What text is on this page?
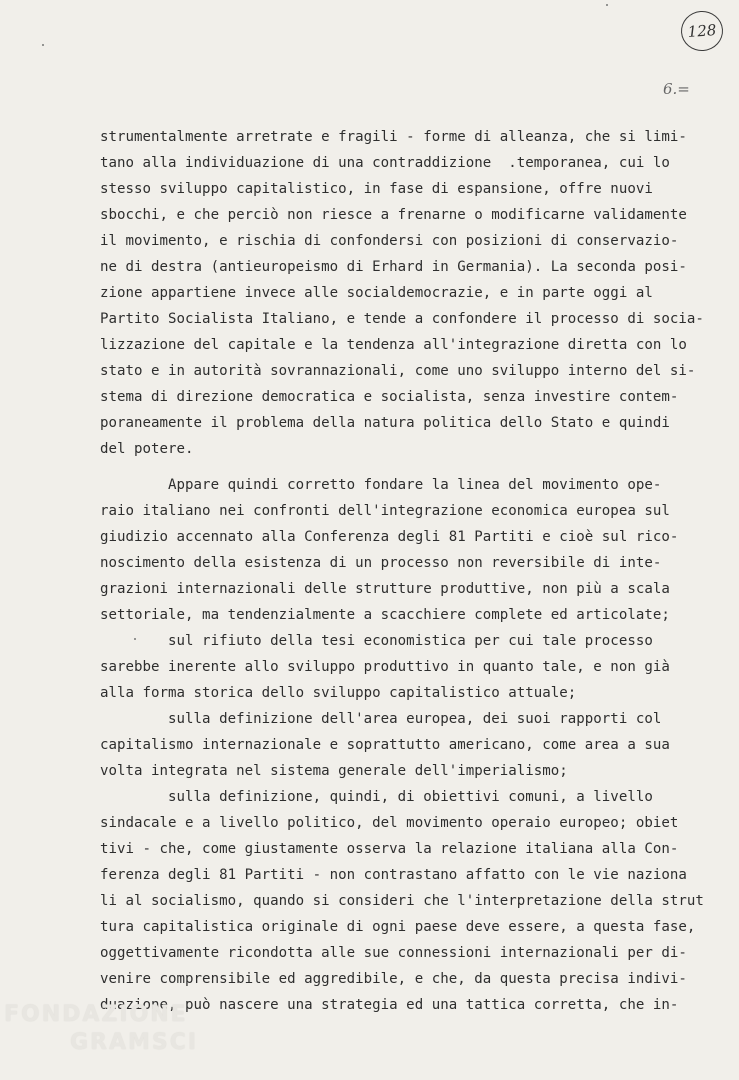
128
6.=
strumentalmente arretrate e fragili - forme di alleanza, che si limi-
tano alla individuazione di una contraddizione  .temporanea, cui lo
stesso sviluppo capitalistico, in fase di espansione, offre nuovi
sbocchi, e che perciò non riesce a frenarne o modificarne validamente
il movimento, e rischia di confondersi con posizioni di conservazio-
ne di destra (antieuropeismo di Erhard in Germania). La seconda posi-
zione appartiene invece alle socialdemocrazie, e in parte oggi al
Partito Socialista Italiano, e tende a confondere il processo di socia-
lizzazione del capitale e la tendenza all'integrazione diretta con lo
stato e in autorità sovrannazionali, come uno sviluppo interno del si-
stema di direzione democratica e socialista, senza investire contem-
poraneamente il problema della natura politica dello Stato e quindi
del potere.
Appare quindi corretto fondare la linea del movimento ope-
raio italiano nei confronti dell'integrazione economica europea sul
giudizio accennato alla Conferenza degli 81 Partiti e cioè sul rico-
noscimento della esistenza di un processo non reversibile di inte-
grazioni internazionali delle strutture produttive, non più a scala
settoriale, ma tendenzialmente a scacchiere complete ed articolate;
sul rifiuto della tesi economistica per cui tale processo
sarebbe inerente allo sviluppo produttivo in quanto tale, e non già
alla forma storica dello sviluppo capitalistico attuale;
sulla definizione dell'area europea, dei suoi rapporti col
capitalismo internazionale e soprattutto americano, come area a sua
volta integrata nel sistema generale dell'imperialismo;
sulla definizione, quindi, di obiettivi comuni, a livello
sindacale e a livello politico, del movimento operaio europeo; obiet
tivi - che, come giustamente osserva la relazione italiana alla Con-
ferenza degli 81 Partiti - non contrastano affatto con le vie naziona
li al socialismo, quando si consideri che l'interpretazione della strut
tura capitalistica originale di ogni paese deve essere, a questa fase,
oggettivamente ricondotta alle sue connessioni internazionali per di-
venire comprensibile ed aggredibile, e che, da questa precisa indivi-
duazione, può nascere una strategia ed una tattica corretta, che in-
FONDAZIONE
GRAMSCI
